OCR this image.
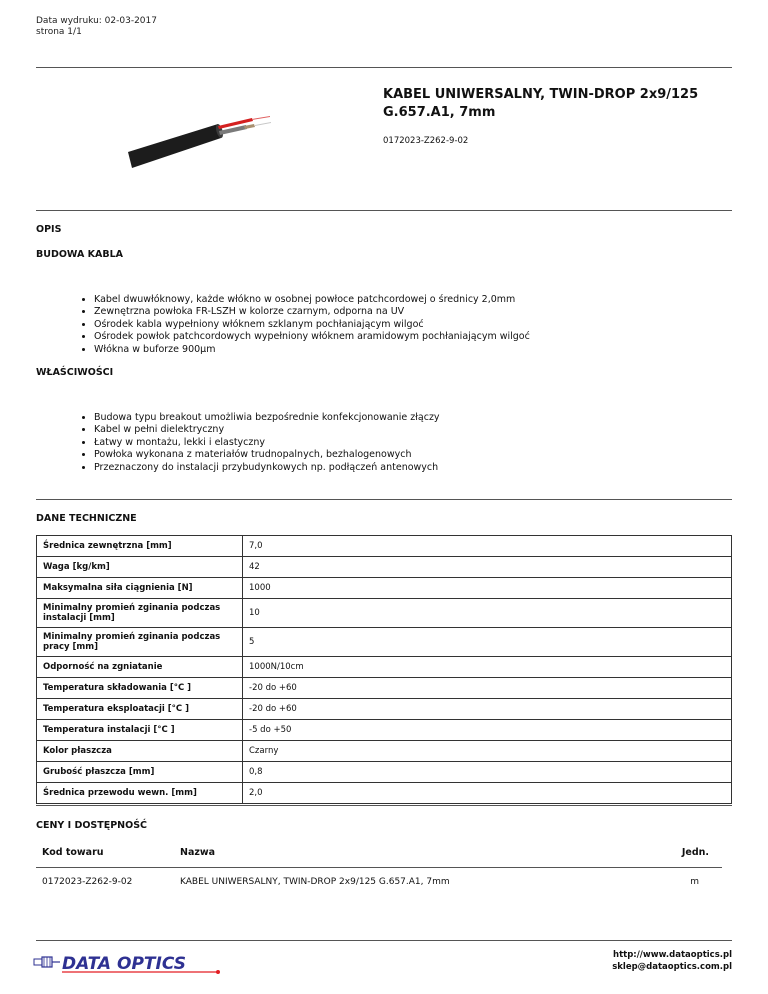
Data wydruku: 02-03-2017
strona 1/1
KABEL UNIWERSALNY, TWIN-DROP 2x9/125 G.657.A1, 7mm
0172023-Z262-9-02
OPIS
BUDOWA KABLA
• Kabel dwuwłóknowy, każde włókno w osobnej powłoce patchcordowej o średnicy 2,0mm
• Zewnętrzna powłoka FR-LSZH w kolorze czarnym, odporna na UV
• Ośrodek kabla wypełniony włóknem szklanym pochłaniającym wilgoć
• Ośrodek powłok patchcordowych wypełniony włóknem aramidowym pochłaniającym wilgoć
• Włókna w buforze 900µm
WŁAŚCIWOŚCI
• Budowa typu breakout umożliwia bezpośrednie konfekcjonowanie złączy
• Kabel w pełni dielektryczny
• Łatwy w montażu, lekki i elastyczny
• Powłoka wykonana z materiałów trudnopalnych, bezhalogenowych
• Przeznaczony do instalacji przybudynkowych np. podłączeń antenowych
DANE TECHNICZNE
Średnica zewnętrzna [mm]	7,0
Waga [kg/km]	42
Maksymalna siła ciągnienia [N]	1000
Minimalny promień zginania podczas instalacji [mm]	10
Minimalny promień zginania podczas pracy [mm]	5
Odporność na zgniatanie	1000N/10cm
Temperatura składowania [°C ]	-20 do +60
Temperatura eksploatacji [°C ]	-20 do +60
Temperatura instalacji [°C ]	-5 do +50
Kolor płaszcza	Czarny
Grubość płaszcza [mm]	0,8
Średnica przewodu wewn. [mm]	2,0
CENY I DOSTĘPNOŚĆ
Kod towaru	Nazwa	Jedn.
0172023-Z262-9-02	KABEL UNIWERSALNY, TWIN-DROP 2x9/125 G.657.A1, 7mm	m
DATA OPTICS
DATA OPTICS	http://www.dataoptics.pl
sklep@dataoptics.com.pl
